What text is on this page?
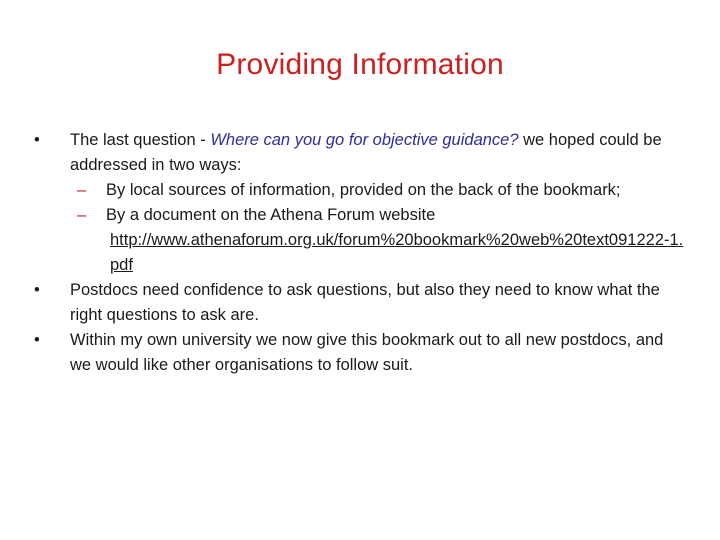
Providing Information
•	The last question - Where can you go for objective guidance? we hoped could be addressed in two ways:
– By local sources of information, provided on the back of the bookmark;
– By a document on the Athena Forum website
http://www.athenaforum.org.uk/forum%20bookmark%20web%20text091222-1.pdf
•	Postdocs need confidence to ask questions, but also they need to know what the right questions to ask are.
•	Within my own university we now give this bookmark out to all new postdocs, and we would like other organisations to follow suit.
